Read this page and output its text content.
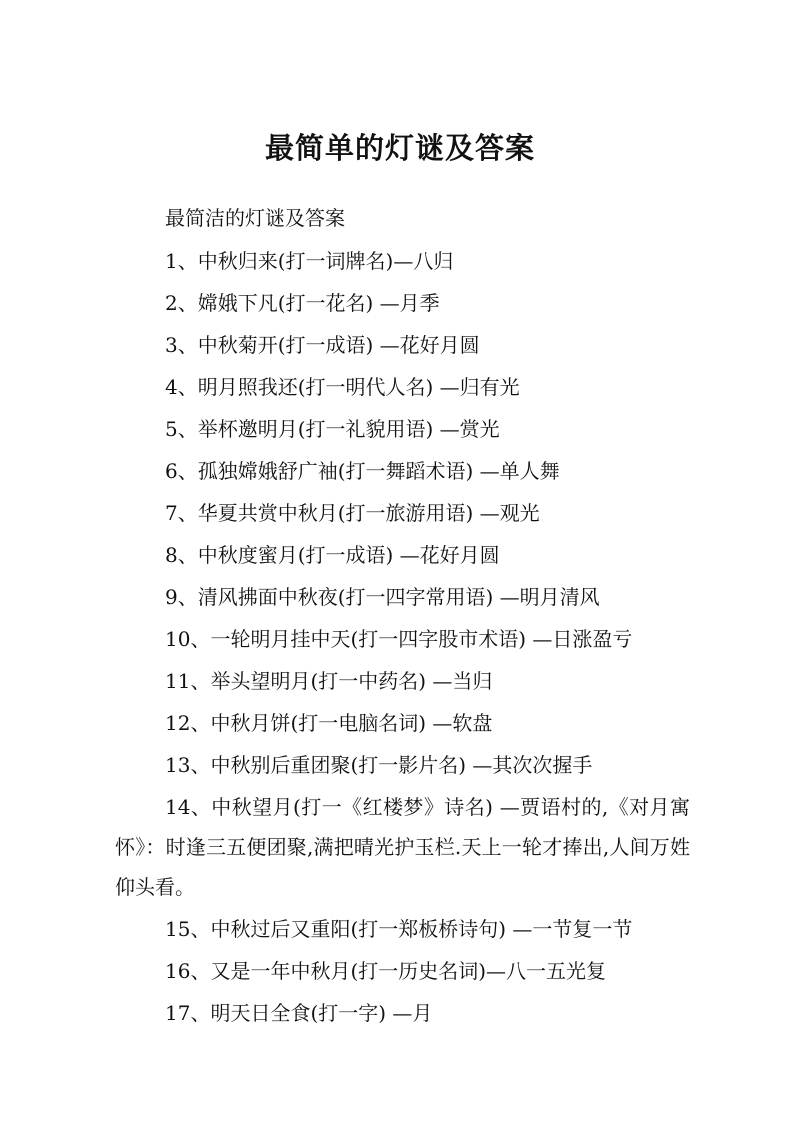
最简单的灯谜及答案
最简洁的灯谜及答案
1、中秋归来(打一词牌名)—八归
2、嫦娥下凡(打一花名) —月季
3、中秋菊开(打一成语) —花好月圆
4、明月照我还(打一明代人名) —归有光
5、举杯邀明月(打一礼貌用语) —赏光
6、孤独嫦娥舒广袖(打一舞蹈术语) —单人舞
7、华夏共赏中秋月(打一旅游用语) —观光
8、中秋度蜜月(打一成语) —花好月圆
9、清风拂面中秋夜(打一四字常用语) —明月清风
10、一轮明月挂中天(打一四字股市术语) —日涨盈亏
11、举头望明月(打一中药名) —当归
12、中秋月饼(打一电脑名词) —软盘
13、中秋别后重团聚(打一影片名) —其次次握手
14、中秋望月(打一《红楼梦》诗名) —贾语村的,《对月寓怀》：时逢三五便团聚,满把晴光护玉栏.天上一轮才捧出,人间万姓仰头看。
15、中秋过后又重阳(打一郑板桥诗句) —一节复一节
16、又是一年中秋月(打一历史名词)—八一五光复
17、明天日全食(打一字) —月
